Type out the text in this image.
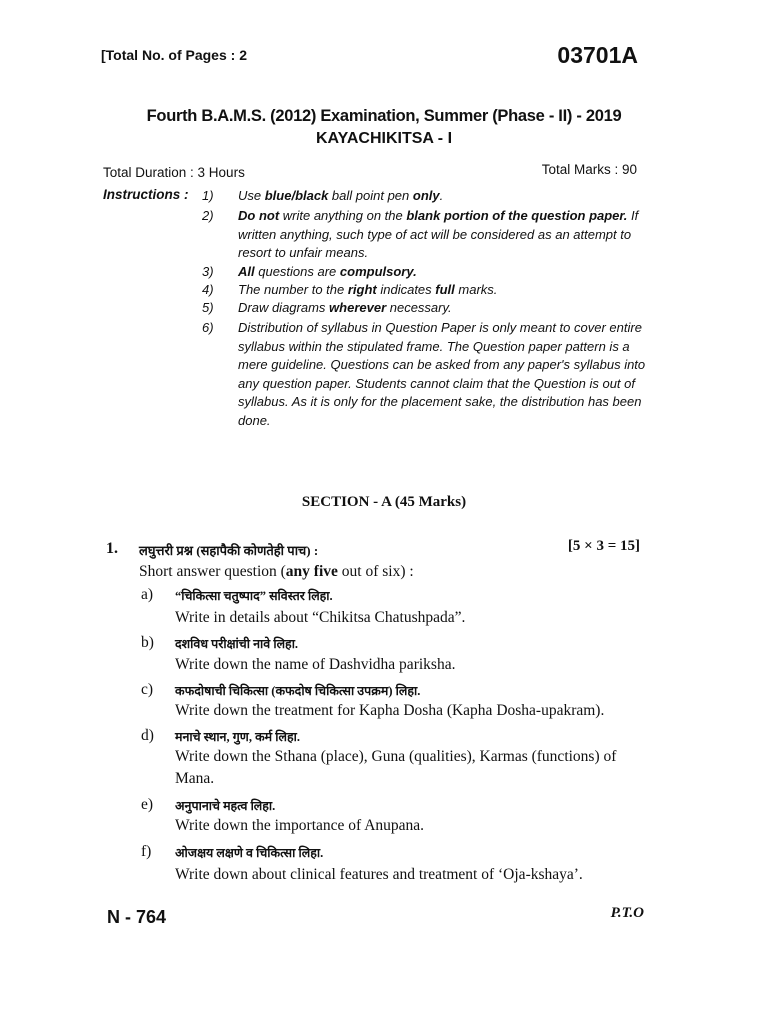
[Total No. of Pages : 2	03701A
Fourth B.A.M.S. (2012) Examination, Summer (Phase - II) - 2019
KAYACHIKITSA - I
Total Duration : 3 Hours	Total Marks : 90
Instructions : 1) Use blue/black ball point pen only.
2) Do not write anything on the blank portion of the question paper. If written anything, such type of act will be considered as an attempt to resort to unfair means.
3) All questions are compulsory.
4) The number to the right indicates full marks.
5) Draw diagrams wherever necessary.
6) Distribution of syllabus in Question Paper is only meant to cover entire syllabus within the stipulated frame. The Question paper pattern is a mere guideline. Questions can be asked from any paper's syllabus into any question paper. Students cannot claim that the Question is out of syllabus. As it is only for the placement sake, the distribution has been done.
SECTION - A (45 Marks)
1. लघुत्तरी प्रश्न (सहापैकी कोणतेही पाच) :	[5 × 3 = 15]
Short answer question (any five out of six) :
a) “चिकित्सा चतुष्पाद” सविस्तर लिहा.
Write in details about “Chikitsa Chatushpada”.
b) दशविध परीक्षांची नावे लिहा.
Write down the name of Dashvidha pariksha.
c) कफदोषाची चिकित्सा (कफदोष चिकित्सा उपक्रम) लिहा.
Write down the treatment for Kapha Dosha (Kapha Dosha-upakram).
d) मनाचे स्थान, गुण, कर्म लिहा.
Write down the Sthana (place), Guna (qualities), Karmas (functions) of Mana.
e) अनुपानाचे महत्व लिहा.
Write down the importance of Anupana.
f) ओजक्षय लक्षणे व चिकित्सा लिहा.
Write down about clinical features and treatment of ‘Oja-kshaya’.
N - 764	P.T.O
